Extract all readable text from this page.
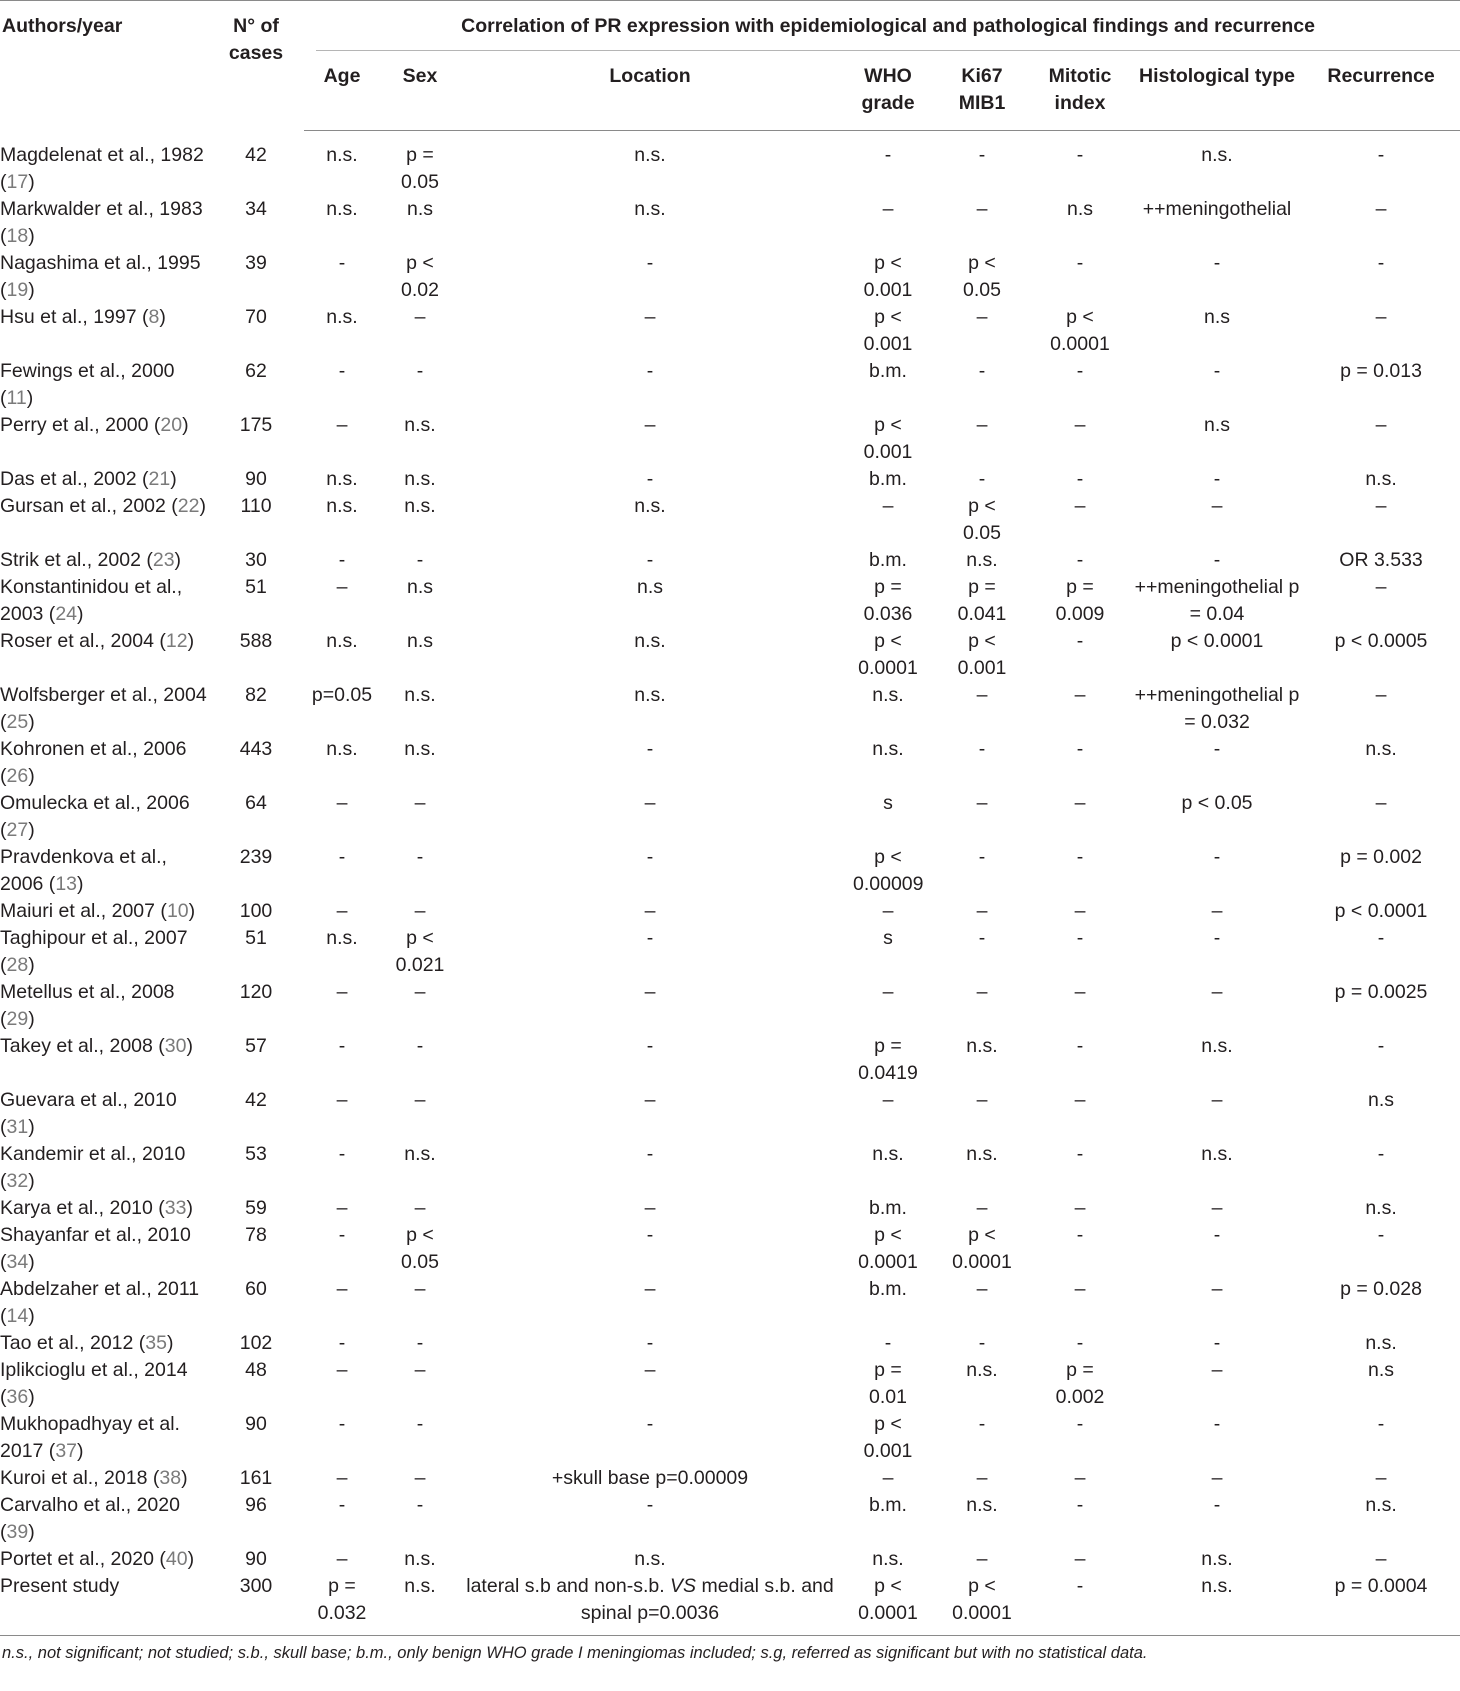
Authors/year	N° of cases	Correlation of PR expression with epidemiological and pathological findings and recurrence							

		Age	Sex	Location	WHO grade	Ki67 MIB1	Mitotic index	Histological type	Recurrence
Magdelenat et al., 1982 (17)	42	n.s.	p = 0.05	n.s.	-	-	-	n.s.	-
Markwalder et al., 1983 (18)	34	n.s.	n.s	n.s.	–	–	n.s	++meningothelial	–
Nagashima et al., 1995 (19)	39	-	p < 0.02	-	p < 0.001	p < 0.05	-	-	-
Hsu et al., 1997 (8)	70	n.s.	–	–	p < 0.001	–	p < 0.0001	n.s	–
Fewings et al., 2000 (11)	62	-	-	-	b.m.	-	-	-	p = 0.013
Perry et al., 2000 (20)	175	–	n.s.	–	p < 0.001	–	–	n.s	–
Das et al., 2002 (21)	90	n.s.	n.s.	-	b.m.	-	-	-	n.s.
Gursan et al., 2002 (22)	110	n.s.	n.s.	n.s.	–	p < 0.05	–	–	–
Strik et al., 2002 (23)	30	-	-	-	b.m.	n.s.	-	-	OR 3.533
Konstantinidou et al., 2003 (24)	51	–	n.s	n.s	p = 0.036	p = 0.041	p = 0.009	++meningothelial p = 0.04	–
Roser et al., 2004 (12)	588	n.s.	n.s	n.s.	p < 0.0001	p < 0.001	-	p < 0.0001	p < 0.0005
Wolfsberger et al., 2004 (25)	82	p=0.05	n.s.	n.s.	n.s.	–	–	++meningothelial p = 0.032	–
Kohronen et al., 2006 (26)	443	n.s.	n.s.	-	n.s.	-	-	-	n.s.
Omulecka et al., 2006 (27)	64	–	–	–	s	–	–	p < 0.05	–
Pravdenkova et al., 2006 (13)	239	-	-	-	p < 0.00009	-	-	-	p = 0.002
Maiuri et al., 2007 (10)	100	–	–	–	–	–	–	–	p < 0.0001
Taghipour et al., 2007 (28)	51	n.s.	p < 0.021	-	s	-	-	-	-
Metellus et al., 2008 (29)	120	–	–	–	–	–	–	–	p = 0.0025
Takey et al., 2008 (30)	57	-	-	-	p = 0.0419	n.s.	-	n.s.	-
Guevara et al., 2010 (31)	42	–	–	–	–	–	–	–	n.s
Kandemir et al., 2010 (32)	53	-	n.s.	-	n.s.	n.s.	-	n.s.	-
Karya et al., 2010 (33)	59	–	–	–	b.m.	–	–	–	n.s.
Shayanfar et al., 2010 (34)	78	-	p < 0.05	-	p < 0.0001	p < 0.0001	-	-	-
Abdelzaher et al., 2011 (14)	60	–	–	–	b.m.	–	–	–	p = 0.028
Tao et al., 2012 (35)	102	-	-	-	-	-	-	-	n.s.
Iplikcioglu et al., 2014 (36)	48	–	–	–	p = 0.01	n.s.	p = 0.002	–	n.s
Mukhopadhyay et al. 2017 (37)	90	-	-	-	p < 0.001	-	-	-	-
Kuroi et al., 2018 (38)	161	–	–	+skull base p=0.00009	–	–	–	–	–
Carvalho et al., 2020 (39)	96	-	-	-	b.m.	n.s.	-	-	n.s.
Portet et al., 2020 (40)	90	–	n.s.	n.s.	n.s.	–	–	n.s.	–
Present study	300	p = 0.032	n.s.	lateral s.b and non-s.b. VS medial s.b. and spinal p=0.0036	p < 0.0001	p < 0.0001	-	n.s.	p = 0.0004
n.s., not significant; not studied; s.b., skull base; b.m., only benign WHO grade I meningiomas included; s.g, referred as significant but with no statistical data.
